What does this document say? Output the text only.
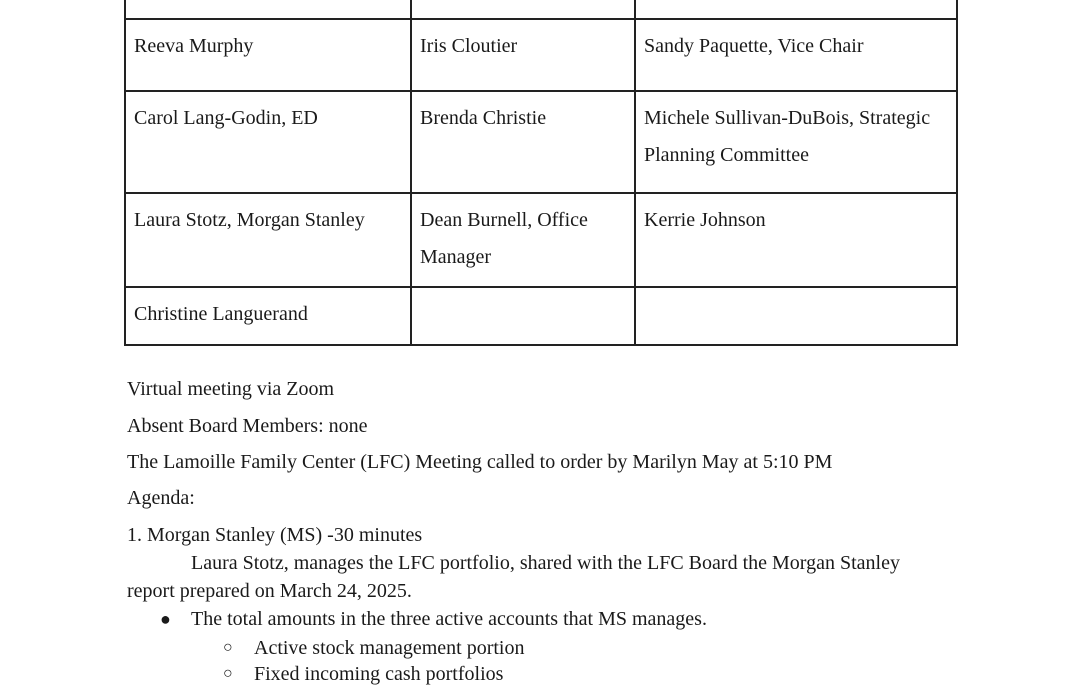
Reeva Murphy	Iris Cloutier	Sandy Paquette, Vice Chair
Carol Lang-Godin, ED	Brenda Christie	Michele Sullivan-DuBois, Strategic Planning Committee
Laura Stotz, Morgan Stanley	Dean Burnell, Office Manager	Kerrie Johnson
Christine Languerand		
Virtual meeting via Zoom
Absent Board Members: none
The Lamoille Family Center (LFC) Meeting called to order by Marilyn May at 5:10 PM
Agenda:
1. Morgan Stanley (MS) -30 minutes
Laura Stotz, manages the LFC portfolio, shared with the LFC Board the Morgan Stanley
report prepared on March 24, 2025.
● The total amounts in the three active accounts that MS manages.
○ Active stock management portion
○ Fixed incoming cash portfolios
